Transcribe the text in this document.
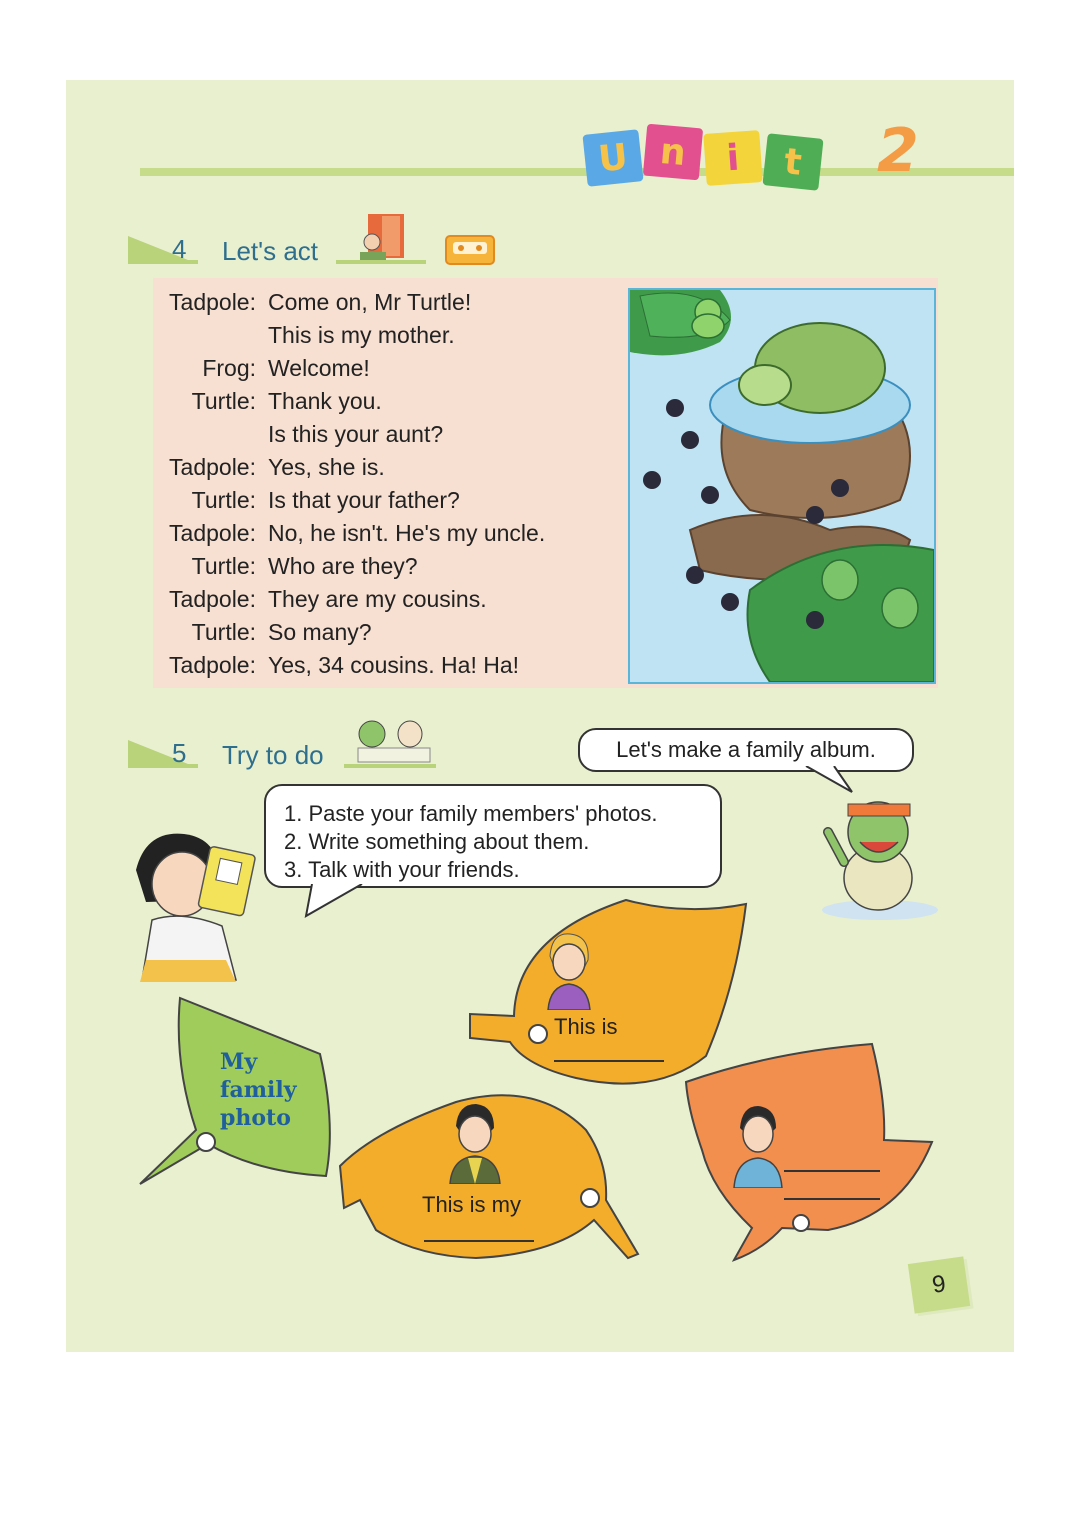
U n i t 2
4 Let's act
Tadpole: Come on, Mr Turtle!
This is my mother.
Frog: Welcome!
Turtle: Thank you.
Is this your aunt?
Tadpole: Yes, she is.
Turtle: Is that your father?
Tadpole: No, he isn't. He's my uncle.
Turtle: Who are they?
Tadpole: They are my cousins.
Turtle: So many?
Tadpole: Yes, 34 cousins. Ha! Ha!
5 Try to do	Let's make a family album.
1. Paste your family members' photos.
2. Write something about them.
3. Talk with your friends.
My
family
photo
This is
This is my
9
